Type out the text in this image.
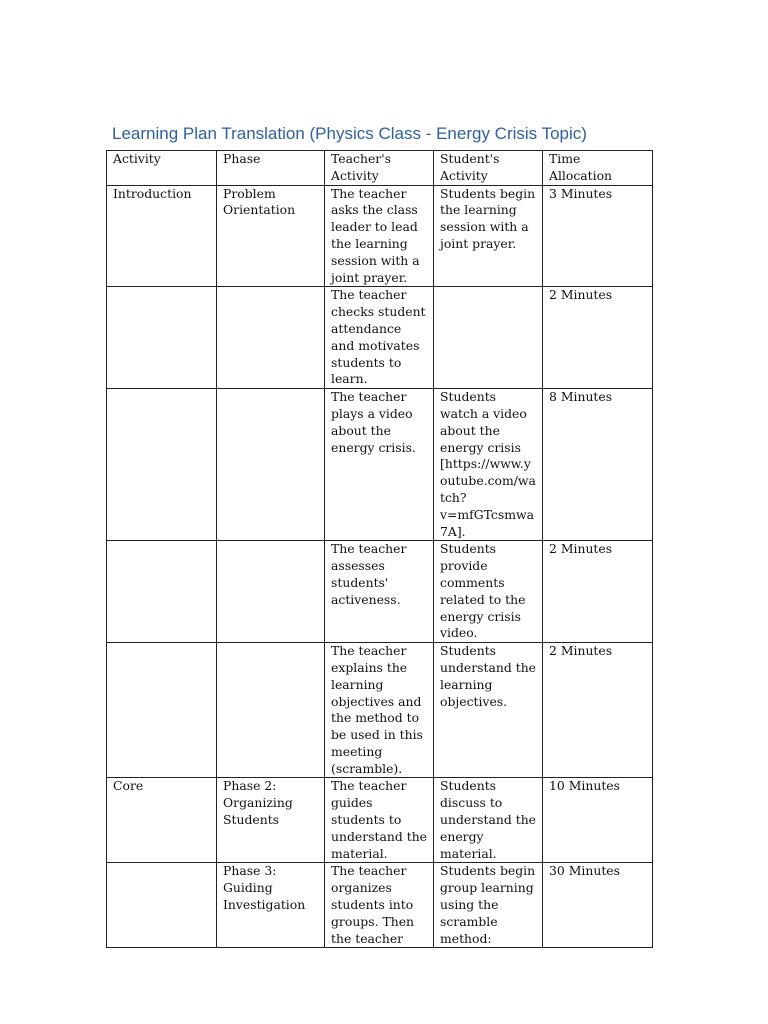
Learning Plan Translation (Physics Class - Energy Crisis Topic)
Activity	Phase	Teacher's Activity	Student's Activity	Time Allocation
Introduction	Problem Orientation	The teacher asks the class leader to lead the learning session with a joint prayer.	Students begin the learning session with a joint prayer.	3 Minutes
		The teacher checks student attendance and motivates students to learn.		2 Minutes
		The teacher plays a video about the energy crisis.	Students watch a video about the energy crisis [https://www.youtube.com/watch?v=mfGTcsmwa7A].	8 Minutes
		The teacher assesses students' activeness.	Students provide comments related to the energy crisis video.	2 Minutes
		The teacher explains the learning objectives and the method to be used in this meeting (scramble).	Students understand the learning objectives.	2 Minutes
Core	Phase 2: Organizing Students	The teacher guides students to understand the material.	Students discuss to understand the energy material.	10 Minutes
	Phase 3: Guiding Investigation	The teacher organizes students into groups. Then the teacher	Students begin group learning using the scramble method:	30 Minutes
